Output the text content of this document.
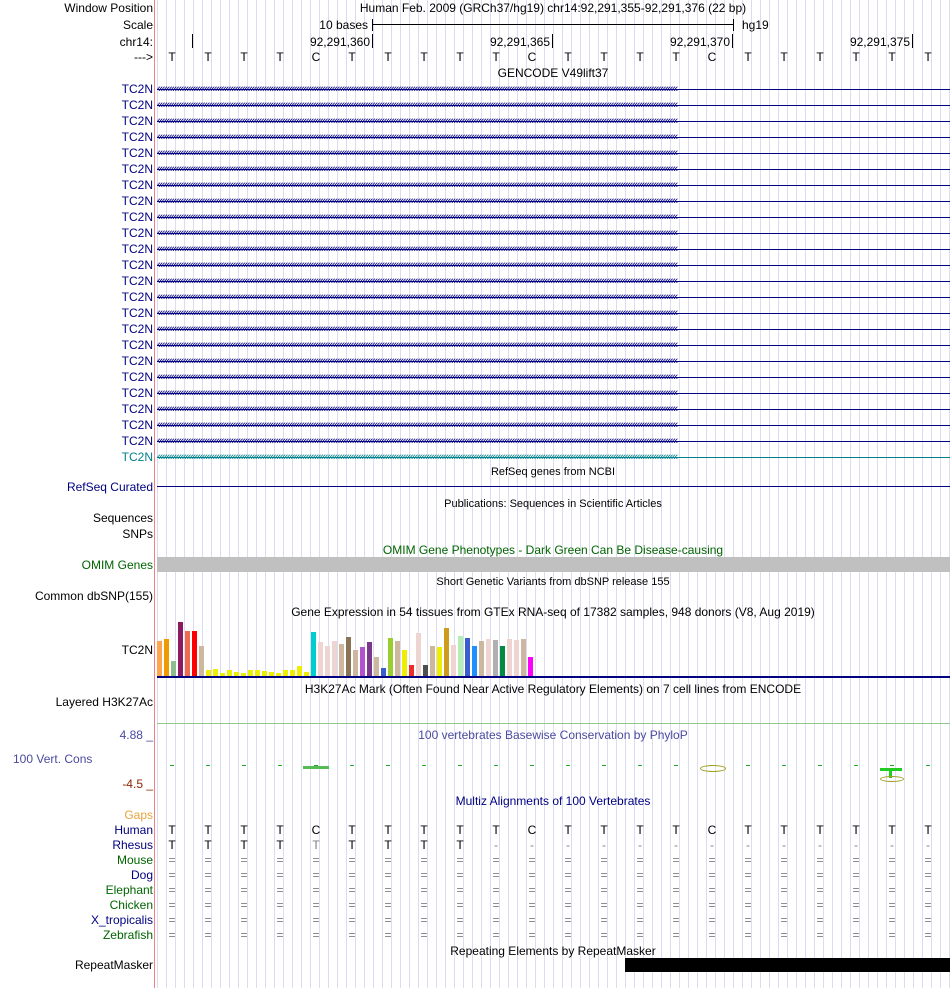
Window Position	Human Feb. 2009 (GRCh37/hg19) chr14:92,291,355-92,291,376 (22 bp)
Scale	10 bases	hg19
chr14:	92,291,360	92,291,365	92,291,370	92,291,375
---> T T T T C T T T T T C T T T T C T T T T T T
GENCODE V49lift37
TC2N ‹‹‹‹‹‹‹‹‹‹‹‹‹‹‹‹‹‹‹‹‹‹‹‹‹‹‹‹‹‹‹‹‹‹‹‹‹‹‹‹‹‹‹‹‹‹‹‹‹‹‹‹‹‹‹‹‹‹‹‹‹‹‹‹‹‹‹‹‹‹‹‹‹‹‹‹‹‹‹‹‹‹‹‹‹‹‹‹‹‹‹‹‹‹‹‹‹‹‹‹‹‹‹‹‹‹‹‹‹‹‹‹‹‹‹‹‹‹‹‹‹‹‹‹‹‹‹‹‹‹‹‹‹‹‹‹‹‹‹‹‹‹‹‹‹‹‹‹‹‹‹‹‹‹‹‹‹‹‹‹‹‹‹‹‹‹‹‹‹‹‹‹‹‹‹‹‹‹‹‹‹‹‹‹‹‹‹‹‹‹‹‹‹‹‹‹‹‹‹‹‹‹‹‹‹‹‹‹‹‹‹‹‹‹‹‹‹‹‹‹
TC2N ‹‹‹‹‹‹‹‹‹‹‹‹‹‹‹‹‹‹‹‹‹‹‹‹‹‹‹‹‹‹‹‹‹‹‹‹‹‹‹‹‹‹‹‹‹‹‹‹‹‹‹‹‹‹‹‹‹‹‹‹‹‹‹‹‹‹‹‹‹‹‹‹‹‹‹‹‹‹‹‹‹‹‹‹‹‹‹‹‹‹‹‹‹‹‹‹‹‹‹‹‹‹‹‹‹‹‹‹‹‹‹‹‹‹‹‹‹‹‹‹‹‹‹‹‹‹‹‹‹‹‹‹‹‹‹‹‹‹‹‹‹‹‹‹‹‹‹‹‹‹‹‹‹‹‹‹‹‹‹‹‹‹‹‹‹‹‹‹‹‹‹‹‹‹‹‹‹‹‹‹‹‹‹‹‹‹‹‹‹‹‹‹‹‹‹‹‹‹‹‹‹‹‹‹‹‹‹‹‹‹‹‹‹‹‹‹‹‹‹‹
TC2N ‹‹‹‹‹‹‹‹‹‹‹‹‹‹‹‹‹‹‹‹‹‹‹‹‹‹‹‹‹‹‹‹‹‹‹‹‹‹‹‹‹‹‹‹‹‹‹‹‹‹‹‹‹‹‹‹‹‹‹‹‹‹‹‹‹‹‹‹‹‹‹‹‹‹‹‹‹‹‹‹‹‹‹‹‹‹‹‹‹‹‹‹‹‹‹‹‹‹‹‹‹‹‹‹‹‹‹‹‹‹‹‹‹‹‹‹‹‹‹‹‹‹‹‹‹‹‹‹‹‹‹‹‹‹‹‹‹‹‹‹‹‹‹‹‹‹‹‹‹‹‹‹‹‹‹‹‹‹‹‹‹‹‹‹‹‹‹‹‹‹‹‹‹‹‹‹‹‹‹‹‹‹‹‹‹‹‹‹‹‹‹‹‹‹‹‹‹‹‹‹‹‹‹‹‹‹‹‹‹‹‹‹‹‹‹‹‹‹‹‹
TC2N ‹‹‹‹‹‹‹‹‹‹‹‹‹‹‹‹‹‹‹‹‹‹‹‹‹‹‹‹‹‹‹‹‹‹‹‹‹‹‹‹‹‹‹‹‹‹‹‹‹‹‹‹‹‹‹‹‹‹‹‹‹‹‹‹‹‹‹‹‹‹‹‹‹‹‹‹‹‹‹‹‹‹‹‹‹‹‹‹‹‹‹‹‹‹‹‹‹‹‹‹‹‹‹‹‹‹‹‹‹‹‹‹‹‹‹‹‹‹‹‹‹‹‹‹‹‹‹‹‹‹‹‹‹‹‹‹‹‹‹‹‹‹‹‹‹‹‹‹‹‹‹‹‹‹‹‹‹‹‹‹‹‹‹‹‹‹‹‹‹‹‹‹‹‹‹‹‹‹‹‹‹‹‹‹‹‹‹‹‹‹‹‹‹‹‹‹‹‹‹‹‹‹‹‹‹‹‹‹‹‹‹‹‹‹‹‹‹‹‹‹
TC2N ‹‹‹‹‹‹‹‹‹‹‹‹‹‹‹‹‹‹‹‹‹‹‹‹‹‹‹‹‹‹‹‹‹‹‹‹‹‹‹‹‹‹‹‹‹‹‹‹‹‹‹‹‹‹‹‹‹‹‹‹‹‹‹‹‹‹‹‹‹‹‹‹‹‹‹‹‹‹‹‹‹‹‹‹‹‹‹‹‹‹‹‹‹‹‹‹‹‹‹‹‹‹‹‹‹‹‹‹‹‹‹‹‹‹‹‹‹‹‹‹‹‹‹‹‹‹‹‹‹‹‹‹‹‹‹‹‹‹‹‹‹‹‹‹‹‹‹‹‹‹‹‹‹‹‹‹‹‹‹‹‹‹‹‹‹‹‹‹‹‹‹‹‹‹‹‹‹‹‹‹‹‹‹‹‹‹‹‹‹‹‹‹‹‹‹‹‹‹‹‹‹‹‹‹‹‹‹‹‹‹‹‹‹‹‹‹‹‹‹‹
TC2N ‹‹‹‹‹‹‹‹‹‹‹‹‹‹‹‹‹‹‹‹‹‹‹‹‹‹‹‹‹‹‹‹‹‹‹‹‹‹‹‹‹‹‹‹‹‹‹‹‹‹‹‹‹‹‹‹‹‹‹‹‹‹‹‹‹‹‹‹‹‹‹‹‹‹‹‹‹‹‹‹‹‹‹‹‹‹‹‹‹‹‹‹‹‹‹‹‹‹‹‹‹‹‹‹‹‹‹‹‹‹‹‹‹‹‹‹‹‹‹‹‹‹‹‹‹‹‹‹‹‹‹‹‹‹‹‹‹‹‹‹‹‹‹‹‹‹‹‹‹‹‹‹‹‹‹‹‹‹‹‹‹‹‹‹‹‹‹‹‹‹‹‹‹‹‹‹‹‹‹‹‹‹‹‹‹‹‹‹‹‹‹‹‹‹‹‹‹‹‹‹‹‹‹‹‹‹‹‹‹‹‹‹‹‹‹‹‹‹‹‹
TC2N ‹‹‹‹‹‹‹‹‹‹‹‹‹‹‹‹‹‹‹‹‹‹‹‹‹‹‹‹‹‹‹‹‹‹‹‹‹‹‹‹‹‹‹‹‹‹‹‹‹‹‹‹‹‹‹‹‹‹‹‹‹‹‹‹‹‹‹‹‹‹‹‹‹‹‹‹‹‹‹‹‹‹‹‹‹‹‹‹‹‹‹‹‹‹‹‹‹‹‹‹‹‹‹‹‹‹‹‹‹‹‹‹‹‹‹‹‹‹‹‹‹‹‹‹‹‹‹‹‹‹‹‹‹‹‹‹‹‹‹‹‹‹‹‹‹‹‹‹‹‹‹‹‹‹‹‹‹‹‹‹‹‹‹‹‹‹‹‹‹‹‹‹‹‹‹‹‹‹‹‹‹‹‹‹‹‹‹‹‹‹‹‹‹‹‹‹‹‹‹‹‹‹‹‹‹‹‹‹‹‹‹‹‹‹‹‹‹‹‹‹
TC2N ‹‹‹‹‹‹‹‹‹‹‹‹‹‹‹‹‹‹‹‹‹‹‹‹‹‹‹‹‹‹‹‹‹‹‹‹‹‹‹‹‹‹‹‹‹‹‹‹‹‹‹‹‹‹‹‹‹‹‹‹‹‹‹‹‹‹‹‹‹‹‹‹‹‹‹‹‹‹‹‹‹‹‹‹‹‹‹‹‹‹‹‹‹‹‹‹‹‹‹‹‹‹‹‹‹‹‹‹‹‹‹‹‹‹‹‹‹‹‹‹‹‹‹‹‹‹‹‹‹‹‹‹‹‹‹‹‹‹‹‹‹‹‹‹‹‹‹‹‹‹‹‹‹‹‹‹‹‹‹‹‹‹‹‹‹‹‹‹‹‹‹‹‹‹‹‹‹‹‹‹‹‹‹‹‹‹‹‹‹‹‹‹‹‹‹‹‹‹‹‹‹‹‹‹‹‹‹‹‹‹‹‹‹‹‹‹‹‹‹‹
TC2N ‹‹‹‹‹‹‹‹‹‹‹‹‹‹‹‹‹‹‹‹‹‹‹‹‹‹‹‹‹‹‹‹‹‹‹‹‹‹‹‹‹‹‹‹‹‹‹‹‹‹‹‹‹‹‹‹‹‹‹‹‹‹‹‹‹‹‹‹‹‹‹‹‹‹‹‹‹‹‹‹‹‹‹‹‹‹‹‹‹‹‹‹‹‹‹‹‹‹‹‹‹‹‹‹‹‹‹‹‹‹‹‹‹‹‹‹‹‹‹‹‹‹‹‹‹‹‹‹‹‹‹‹‹‹‹‹‹‹‹‹‹‹‹‹‹‹‹‹‹‹‹‹‹‹‹‹‹‹‹‹‹‹‹‹‹‹‹‹‹‹‹‹‹‹‹‹‹‹‹‹‹‹‹‹‹‹‹‹‹‹‹‹‹‹‹‹‹‹‹‹‹‹‹‹‹‹‹‹‹‹‹‹‹‹‹‹‹‹‹‹
TC2N ‹‹‹‹‹‹‹‹‹‹‹‹‹‹‹‹‹‹‹‹‹‹‹‹‹‹‹‹‹‹‹‹‹‹‹‹‹‹‹‹‹‹‹‹‹‹‹‹‹‹‹‹‹‹‹‹‹‹‹‹‹‹‹‹‹‹‹‹‹‹‹‹‹‹‹‹‹‹‹‹‹‹‹‹‹‹‹‹‹‹‹‹‹‹‹‹‹‹‹‹‹‹‹‹‹‹‹‹‹‹‹‹‹‹‹‹‹‹‹‹‹‹‹‹‹‹‹‹‹‹‹‹‹‹‹‹‹‹‹‹‹‹‹‹‹‹‹‹‹‹‹‹‹‹‹‹‹‹‹‹‹‹‹‹‹‹‹‹‹‹‹‹‹‹‹‹‹‹‹‹‹‹‹‹‹‹‹‹‹‹‹‹‹‹‹‹‹‹‹‹‹‹‹‹‹‹‹‹‹‹‹‹‹‹‹‹‹‹‹‹
TC2N ‹‹‹‹‹‹‹‹‹‹‹‹‹‹‹‹‹‹‹‹‹‹‹‹‹‹‹‹‹‹‹‹‹‹‹‹‹‹‹‹‹‹‹‹‹‹‹‹‹‹‹‹‹‹‹‹‹‹‹‹‹‹‹‹‹‹‹‹‹‹‹‹‹‹‹‹‹‹‹‹‹‹‹‹‹‹‹‹‹‹‹‹‹‹‹‹‹‹‹‹‹‹‹‹‹‹‹‹‹‹‹‹‹‹‹‹‹‹‹‹‹‹‹‹‹‹‹‹‹‹‹‹‹‹‹‹‹‹‹‹‹‹‹‹‹‹‹‹‹‹‹‹‹‹‹‹‹‹‹‹‹‹‹‹‹‹‹‹‹‹‹‹‹‹‹‹‹‹‹‹‹‹‹‹‹‹‹‹‹‹‹‹‹‹‹‹‹‹‹‹‹‹‹‹‹‹‹‹‹‹‹‹‹‹‹‹‹‹‹‹
TC2N ‹‹‹‹‹‹‹‹‹‹‹‹‹‹‹‹‹‹‹‹‹‹‹‹‹‹‹‹‹‹‹‹‹‹‹‹‹‹‹‹‹‹‹‹‹‹‹‹‹‹‹‹‹‹‹‹‹‹‹‹‹‹‹‹‹‹‹‹‹‹‹‹‹‹‹‹‹‹‹‹‹‹‹‹‹‹‹‹‹‹‹‹‹‹‹‹‹‹‹‹‹‹‹‹‹‹‹‹‹‹‹‹‹‹‹‹‹‹‹‹‹‹‹‹‹‹‹‹‹‹‹‹‹‹‹‹‹‹‹‹‹‹‹‹‹‹‹‹‹‹‹‹‹‹‹‹‹‹‹‹‹‹‹‹‹‹‹‹‹‹‹‹‹‹‹‹‹‹‹‹‹‹‹‹‹‹‹‹‹‹‹‹‹‹‹‹‹‹‹‹‹‹‹‹‹‹‹‹‹‹‹‹‹‹‹‹‹‹‹‹
TC2N ‹‹‹‹‹‹‹‹‹‹‹‹‹‹‹‹‹‹‹‹‹‹‹‹‹‹‹‹‹‹‹‹‹‹‹‹‹‹‹‹‹‹‹‹‹‹‹‹‹‹‹‹‹‹‹‹‹‹‹‹‹‹‹‹‹‹‹‹‹‹‹‹‹‹‹‹‹‹‹‹‹‹‹‹‹‹‹‹‹‹‹‹‹‹‹‹‹‹‹‹‹‹‹‹‹‹‹‹‹‹‹‹‹‹‹‹‹‹‹‹‹‹‹‹‹‹‹‹‹‹‹‹‹‹‹‹‹‹‹‹‹‹‹‹‹‹‹‹‹‹‹‹‹‹‹‹‹‹‹‹‹‹‹‹‹‹‹‹‹‹‹‹‹‹‹‹‹‹‹‹‹‹‹‹‹‹‹‹‹‹‹‹‹‹‹‹‹‹‹‹‹‹‹‹‹‹‹‹‹‹‹‹‹‹‹‹‹‹‹‹
TC2N ‹‹‹‹‹‹‹‹‹‹‹‹‹‹‹‹‹‹‹‹‹‹‹‹‹‹‹‹‹‹‹‹‹‹‹‹‹‹‹‹‹‹‹‹‹‹‹‹‹‹‹‹‹‹‹‹‹‹‹‹‹‹‹‹‹‹‹‹‹‹‹‹‹‹‹‹‹‹‹‹‹‹‹‹‹‹‹‹‹‹‹‹‹‹‹‹‹‹‹‹‹‹‹‹‹‹‹‹‹‹‹‹‹‹‹‹‹‹‹‹‹‹‹‹‹‹‹‹‹‹‹‹‹‹‹‹‹‹‹‹‹‹‹‹‹‹‹‹‹‹‹‹‹‹‹‹‹‹‹‹‹‹‹‹‹‹‹‹‹‹‹‹‹‹‹‹‹‹‹‹‹‹‹‹‹‹‹‹‹‹‹‹‹‹‹‹‹‹‹‹‹‹‹‹‹‹‹‹‹‹‹‹‹‹‹‹‹‹‹‹
TC2N ‹‹‹‹‹‹‹‹‹‹‹‹‹‹‹‹‹‹‹‹‹‹‹‹‹‹‹‹‹‹‹‹‹‹‹‹‹‹‹‹‹‹‹‹‹‹‹‹‹‹‹‹‹‹‹‹‹‹‹‹‹‹‹‹‹‹‹‹‹‹‹‹‹‹‹‹‹‹‹‹‹‹‹‹‹‹‹‹‹‹‹‹‹‹‹‹‹‹‹‹‹‹‹‹‹‹‹‹‹‹‹‹‹‹‹‹‹‹‹‹‹‹‹‹‹‹‹‹‹‹‹‹‹‹‹‹‹‹‹‹‹‹‹‹‹‹‹‹‹‹‹‹‹‹‹‹‹‹‹‹‹‹‹‹‹‹‹‹‹‹‹‹‹‹‹‹‹‹‹‹‹‹‹‹‹‹‹‹‹‹‹‹‹‹‹‹‹‹‹‹‹‹‹‹‹‹‹‹‹‹‹‹‹‹‹‹‹‹‹‹
TC2N ‹‹‹‹‹‹‹‹‹‹‹‹‹‹‹‹‹‹‹‹‹‹‹‹‹‹‹‹‹‹‹‹‹‹‹‹‹‹‹‹‹‹‹‹‹‹‹‹‹‹‹‹‹‹‹‹‹‹‹‹‹‹‹‹‹‹‹‹‹‹‹‹‹‹‹‹‹‹‹‹‹‹‹‹‹‹‹‹‹‹‹‹‹‹‹‹‹‹‹‹‹‹‹‹‹‹‹‹‹‹‹‹‹‹‹‹‹‹‹‹‹‹‹‹‹‹‹‹‹‹‹‹‹‹‹‹‹‹‹‹‹‹‹‹‹‹‹‹‹‹‹‹‹‹‹‹‹‹‹‹‹‹‹‹‹‹‹‹‹‹‹‹‹‹‹‹‹‹‹‹‹‹‹‹‹‹‹‹‹‹‹‹‹‹‹‹‹‹‹‹‹‹‹‹‹‹‹‹‹‹‹‹‹‹‹‹‹‹‹‹
TC2N ‹‹‹‹‹‹‹‹‹‹‹‹‹‹‹‹‹‹‹‹‹‹‹‹‹‹‹‹‹‹‹‹‹‹‹‹‹‹‹‹‹‹‹‹‹‹‹‹‹‹‹‹‹‹‹‹‹‹‹‹‹‹‹‹‹‹‹‹‹‹‹‹‹‹‹‹‹‹‹‹‹‹‹‹‹‹‹‹‹‹‹‹‹‹‹‹‹‹‹‹‹‹‹‹‹‹‹‹‹‹‹‹‹‹‹‹‹‹‹‹‹‹‹‹‹‹‹‹‹‹‹‹‹‹‹‹‹‹‹‹‹‹‹‹‹‹‹‹‹‹‹‹‹‹‹‹‹‹‹‹‹‹‹‹‹‹‹‹‹‹‹‹‹‹‹‹‹‹‹‹‹‹‹‹‹‹‹‹‹‹‹‹‹‹‹‹‹‹‹‹‹‹‹‹‹‹‹‹‹‹‹‹‹‹‹‹‹‹‹‹
TC2N ‹‹‹‹‹‹‹‹‹‹‹‹‹‹‹‹‹‹‹‹‹‹‹‹‹‹‹‹‹‹‹‹‹‹‹‹‹‹‹‹‹‹‹‹‹‹‹‹‹‹‹‹‹‹‹‹‹‹‹‹‹‹‹‹‹‹‹‹‹‹‹‹‹‹‹‹‹‹‹‹‹‹‹‹‹‹‹‹‹‹‹‹‹‹‹‹‹‹‹‹‹‹‹‹‹‹‹‹‹‹‹‹‹‹‹‹‹‹‹‹‹‹‹‹‹‹‹‹‹‹‹‹‹‹‹‹‹‹‹‹‹‹‹‹‹‹‹‹‹‹‹‹‹‹‹‹‹‹‹‹‹‹‹‹‹‹‹‹‹‹‹‹‹‹‹‹‹‹‹‹‹‹‹‹‹‹‹‹‹‹‹‹‹‹‹‹‹‹‹‹‹‹‹‹‹‹‹‹‹‹‹‹‹‹‹‹‹‹‹‹
TC2N ‹‹‹‹‹‹‹‹‹‹‹‹‹‹‹‹‹‹‹‹‹‹‹‹‹‹‹‹‹‹‹‹‹‹‹‹‹‹‹‹‹‹‹‹‹‹‹‹‹‹‹‹‹‹‹‹‹‹‹‹‹‹‹‹‹‹‹‹‹‹‹‹‹‹‹‹‹‹‹‹‹‹‹‹‹‹‹‹‹‹‹‹‹‹‹‹‹‹‹‹‹‹‹‹‹‹‹‹‹‹‹‹‹‹‹‹‹‹‹‹‹‹‹‹‹‹‹‹‹‹‹‹‹‹‹‹‹‹‹‹‹‹‹‹‹‹‹‹‹‹‹‹‹‹‹‹‹‹‹‹‹‹‹‹‹‹‹‹‹‹‹‹‹‹‹‹‹‹‹‹‹‹‹‹‹‹‹‹‹‹‹‹‹‹‹‹‹‹‹‹‹‹‹‹‹‹‹‹‹‹‹‹‹‹‹‹‹‹‹‹
TC2N ‹‹‹‹‹‹‹‹‹‹‹‹‹‹‹‹‹‹‹‹‹‹‹‹‹‹‹‹‹‹‹‹‹‹‹‹‹‹‹‹‹‹‹‹‹‹‹‹‹‹‹‹‹‹‹‹‹‹‹‹‹‹‹‹‹‹‹‹‹‹‹‹‹‹‹‹‹‹‹‹‹‹‹‹‹‹‹‹‹‹‹‹‹‹‹‹‹‹‹‹‹‹‹‹‹‹‹‹‹‹‹‹‹‹‹‹‹‹‹‹‹‹‹‹‹‹‹‹‹‹‹‹‹‹‹‹‹‹‹‹‹‹‹‹‹‹‹‹‹‹‹‹‹‹‹‹‹‹‹‹‹‹‹‹‹‹‹‹‹‹‹‹‹‹‹‹‹‹‹‹‹‹‹‹‹‹‹‹‹‹‹‹‹‹‹‹‹‹‹‹‹‹‹‹‹‹‹‹‹‹‹‹‹‹‹‹‹‹‹‹
TC2N ‹‹‹‹‹‹‹‹‹‹‹‹‹‹‹‹‹‹‹‹‹‹‹‹‹‹‹‹‹‹‹‹‹‹‹‹‹‹‹‹‹‹‹‹‹‹‹‹‹‹‹‹‹‹‹‹‹‹‹‹‹‹‹‹‹‹‹‹‹‹‹‹‹‹‹‹‹‹‹‹‹‹‹‹‹‹‹‹‹‹‹‹‹‹‹‹‹‹‹‹‹‹‹‹‹‹‹‹‹‹‹‹‹‹‹‹‹‹‹‹‹‹‹‹‹‹‹‹‹‹‹‹‹‹‹‹‹‹‹‹‹‹‹‹‹‹‹‹‹‹‹‹‹‹‹‹‹‹‹‹‹‹‹‹‹‹‹‹‹‹‹‹‹‹‹‹‹‹‹‹‹‹‹‹‹‹‹‹‹‹‹‹‹‹‹‹‹‹‹‹‹‹‹‹‹‹‹‹‹‹‹‹‹‹‹‹‹‹‹‹
TC2N ‹‹‹‹‹‹‹‹‹‹‹‹‹‹‹‹‹‹‹‹‹‹‹‹‹‹‹‹‹‹‹‹‹‹‹‹‹‹‹‹‹‹‹‹‹‹‹‹‹‹‹‹‹‹‹‹‹‹‹‹‹‹‹‹‹‹‹‹‹‹‹‹‹‹‹‹‹‹‹‹‹‹‹‹‹‹‹‹‹‹‹‹‹‹‹‹‹‹‹‹‹‹‹‹‹‹‹‹‹‹‹‹‹‹‹‹‹‹‹‹‹‹‹‹‹‹‹‹‹‹‹‹‹‹‹‹‹‹‹‹‹‹‹‹‹‹‹‹‹‹‹‹‹‹‹‹‹‹‹‹‹‹‹‹‹‹‹‹‹‹‹‹‹‹‹‹‹‹‹‹‹‹‹‹‹‹‹‹‹‹‹‹‹‹‹‹‹‹‹‹‹‹‹‹‹‹‹‹‹‹‹‹‹‹‹‹‹‹‹‹
TC2N ‹‹‹‹‹‹‹‹‹‹‹‹‹‹‹‹‹‹‹‹‹‹‹‹‹‹‹‹‹‹‹‹‹‹‹‹‹‹‹‹‹‹‹‹‹‹‹‹‹‹‹‹‹‹‹‹‹‹‹‹‹‹‹‹‹‹‹‹‹‹‹‹‹‹‹‹‹‹‹‹‹‹‹‹‹‹‹‹‹‹‹‹‹‹‹‹‹‹‹‹‹‹‹‹‹‹‹‹‹‹‹‹‹‹‹‹‹‹‹‹‹‹‹‹‹‹‹‹‹‹‹‹‹‹‹‹‹‹‹‹‹‹‹‹‹‹‹‹‹‹‹‹‹‹‹‹‹‹‹‹‹‹‹‹‹‹‹‹‹‹‹‹‹‹‹‹‹‹‹‹‹‹‹‹‹‹‹‹‹‹‹‹‹‹‹‹‹‹‹‹‹‹‹‹‹‹‹‹‹‹‹‹‹‹‹‹‹‹‹‹
TC2N ‹‹‹‹‹‹‹‹‹‹‹‹‹‹‹‹‹‹‹‹‹‹‹‹‹‹‹‹‹‹‹‹‹‹‹‹‹‹‹‹‹‹‹‹‹‹‹‹‹‹‹‹‹‹‹‹‹‹‹‹‹‹‹‹‹‹‹‹‹‹‹‹‹‹‹‹‹‹‹‹‹‹‹‹‹‹‹‹‹‹‹‹‹‹‹‹‹‹‹‹‹‹‹‹‹‹‹‹‹‹‹‹‹‹‹‹‹‹‹‹‹‹‹‹‹‹‹‹‹‹‹‹‹‹‹‹‹‹‹‹‹‹‹‹‹‹‹‹‹‹‹‹‹‹‹‹‹‹‹‹‹‹‹‹‹‹‹‹‹‹‹‹‹‹‹‹‹‹‹‹‹‹‹‹‹‹‹‹‹‹‹‹‹‹‹‹‹‹‹‹‹‹‹‹‹‹‹‹‹‹‹‹‹‹‹‹‹‹‹‹
RefSeq genes from NCBI
RefSeq Curated
Publications: Sequences in Scientific Articles
Sequences
SNPs
OMIM Gene Phenotypes - Dark Green Can Be Disease-causing
OMIM Genes
Short Genetic Variants from dbSNP release 155
Common dbSNP(155)
Gene Expression in 54 tissues from GTEx RNA-seq of 17382 samples, 948 donors (V8, Aug 2019)
TC2N
H3K27Ac Mark (Often Found Near Active Regulatory Elements) on 7 cell lines from ENCODE
Layered H3K27Ac
100 vertebrates Basewise Conservation by PhyloP
4.88 _
100 Vert. Cons
-4.5 _
Multiz Alignments of 100 Vertebrates
Gaps
Human T T T T C T T T T T C T T T T C T T T T T T
Rhesus T T T T T T T T T	-	-	-	-	-	-	-	-	-	-	-	-	-
Mouse = = = = = = = = = = = = = = = = = = = = = =
Dog = = = = = = = = = = = = = = = = = = = = = =
Elephant = = = = = = = = = = = = = = = = = = = = = =
Chicken = = = = = = = = = = = = = = = = = = = = = =
X_tropicalis = = = = = = = = = = = = = = = = = = = = = =
Zebrafish = = = = = = = = = = = = = = = = = = = = = =
Repeating Elements by RepeatMasker
RepeatMasker
